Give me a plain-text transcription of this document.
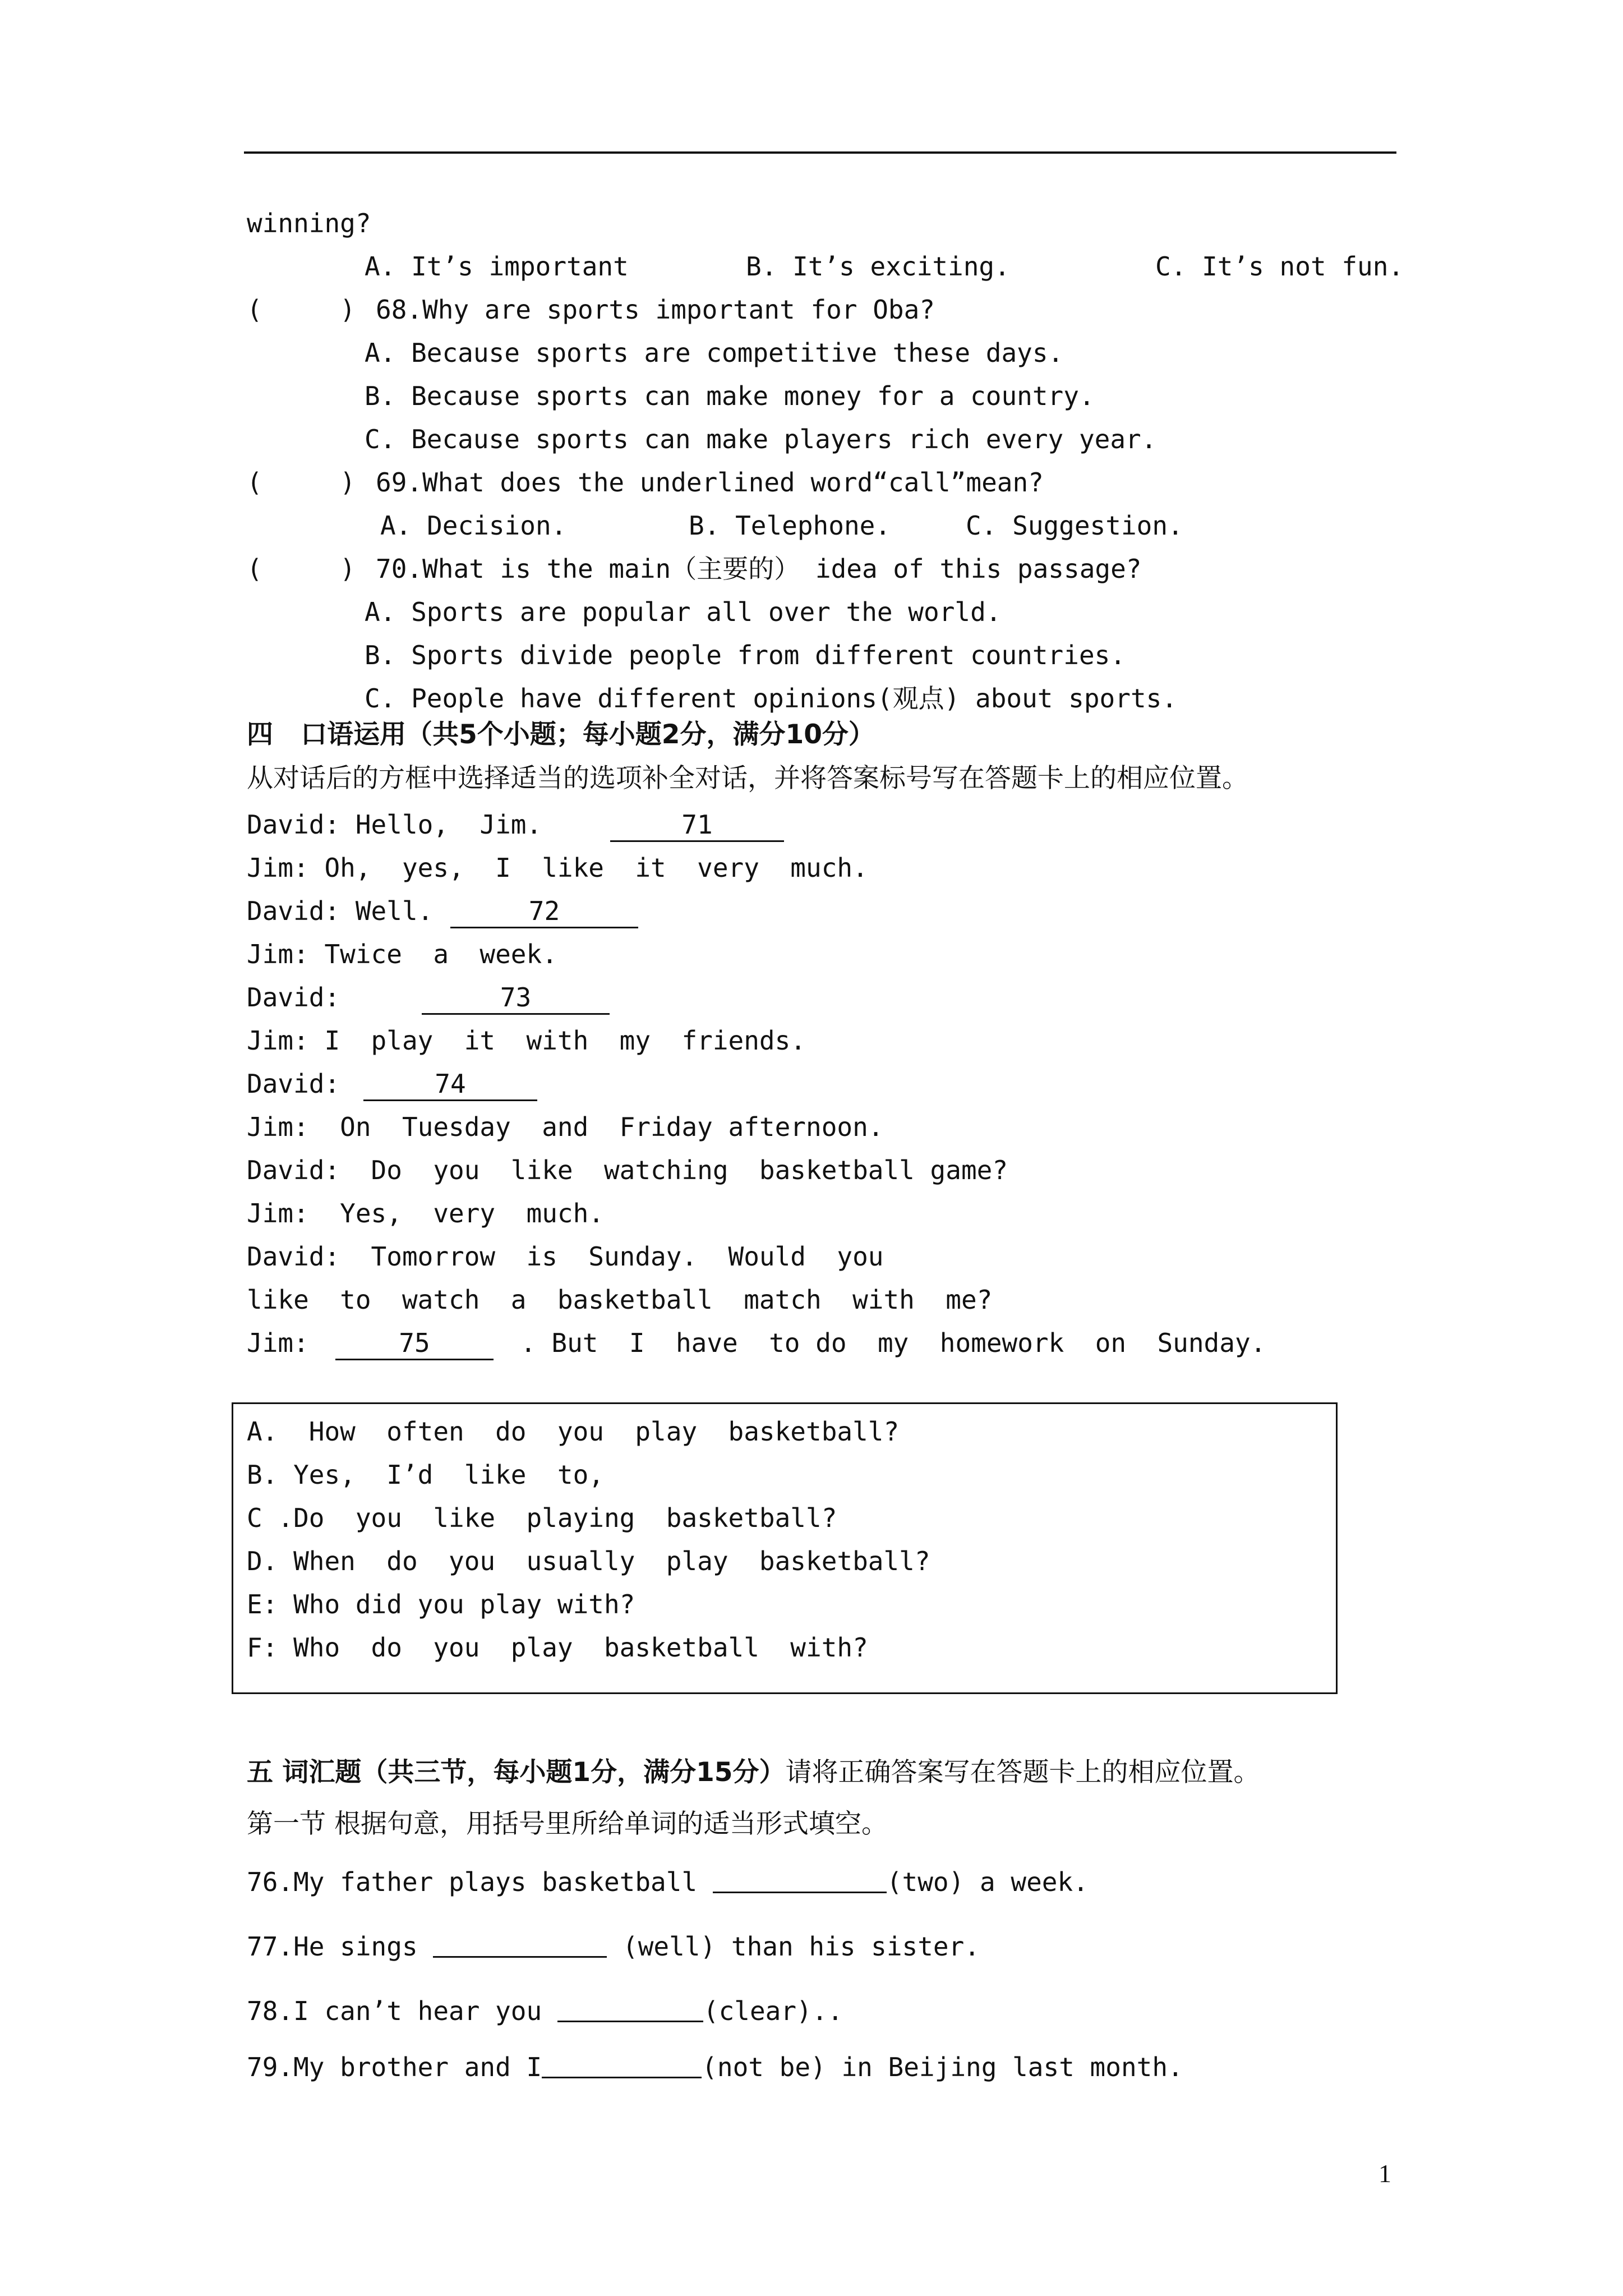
winning?
A. It’s important	B. It’s exciting.	C. It’s not fun.
(     ) 68.Why are sports important for Oba?
A. Because sports are competitive these days.
B. Because sports can make money for a country.
C. Because sports can make players rich every year.
(     ) 69.What does the underlined word“call”mean?
A. Decision.	B. Telephone.	C. Suggestion.
(     ) 70.What is the main（主要的） idea of this passage?
A. Sports are popular all over the world.
B. Sports divide people from different countries.
C. People have different opinions(观点) about sports.
四   口语运用（共5个小题；每小题2分，满分10分）
从对话后的方框中选择适当的选项补全对话，并将答案标号写在答题卡上的相应位置。
David: Hello,  Jim.	71
Jim: Oh,  yes,  I  like  it  very  much.
David: Well.	72
Jim: Twice  a  week.
David:	73
Jim: I  play  it  with  my  friends.
David:	74
Jim:  On  Tuesday  and  Friday afternoon.
David:  Do  you  like  watching  basketball game?
Jim:  Yes,  very  much.
David:  Tomorrow  is  Sunday.  Would  you
like  to  watch  a  basketball  match  with  me?
Jim:	75	. But  I  have  to do  my  homework  on  Sunday.
A.  How  often  do  you  play  basketball?
B. Yes,  I’d  like  to,
C .Do  you  like  playing  basketball?
D. When  do  you  usually  play  basketball?
E: Who did you play with?
F: Who  do  you  play  basketball  with?
五 词汇题（共三节，每小题1分，满分15分）请将正确答案写在答题卡上的相应位置。
第一节 根据句意，用括号里所给单词的适当形式填空。
76.My father plays basketball	(two) a week.
77.He sings	(well) than his sister.
78.I can’t hear you	(clear)..
79.My brother and I	(not be) in Beijing last month.
1
